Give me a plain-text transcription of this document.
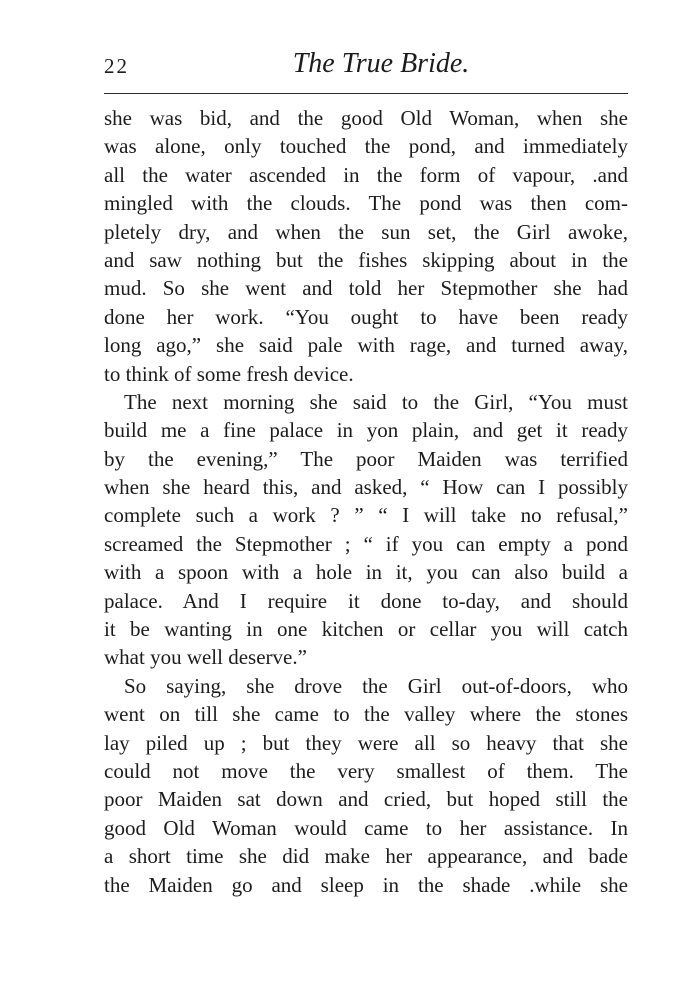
22	The True Bride.
she was bid, and the good Old Woman, when she
was alone, only touched the pond, and immediately
all the water ascended in the form of vapour, .and
mingled with the clouds. The pond was then com-
pletely dry, and when the sun set, the Girl awoke,
and saw nothing but the fishes skipping about in the
mud. So she went and told her Stepmother she had
done her work. “You ought to have been ready
long ago,” she said pale with rage, and turned away,
to think of some fresh device.
The next morning she said to the Girl, “You must
build me a fine palace in yon plain, and get it ready
by the evening,” The poor Maiden was terrified
when she heard this, and asked, “ How can I possibly
complete such a work ? ” “ I will take no refusal,”
screamed the Stepmother ; “ if you can empty a pond
with a spoon with a hole in it, you can also build a
palace. And I require it done to-day, and should
it be wanting in one kitchen or cellar you will catch
what you well deserve.”
So saying, she drove the Girl out-of-doors, who
went on till she came to the valley where the stones
lay piled up ; but they were all so heavy that she
could not move the very smallest of them. The
poor Maiden sat down and cried, but hoped still the
good Old Woman would came to her assistance. In
a short time she did make her appearance, and bade
the Maiden go and sleep in the shade .while she
